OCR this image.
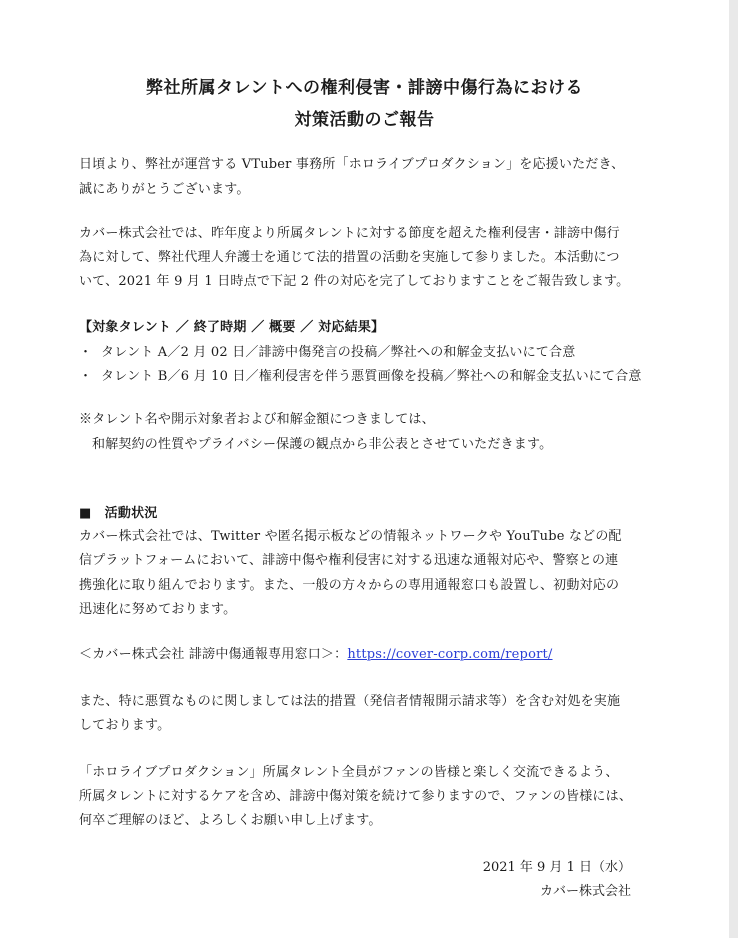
弊社所属タレントへの権利侵害・誹謗中傷行為における
対策活動のご報告
日頃より、弊社が運営する VTuber 事務所「ホロライブプロダクション」を応援いただき、
誠にありがとうございます。
カバー株式会社では、昨年度より所属タレントに対する節度を超えた権利侵害・誹謗中傷行
為に対して、弊社代理人弁護士を通じて法的措置の活動を実施して参りました。本活動につ
いて、2021 年 9 月 1 日時点で下記 2 件の対応を完了しておりますことをご報告致します。
【対象タレント ／ 終了時期 ／ 概要 ／ 対応結果】
・ タレント A／2 月 02 日／誹謗中傷発言の投稿／弊社への和解金支払いにて合意
・ タレント B／6 月 10 日／権利侵害を伴う悪質画像を投稿／弊社への和解金支払いにて合意
※タレント名や開示対象者および和解金額につきましては、
和解契約の性質やプライバシー保護の観点から非公表とさせていただきます。
■　活動状況
カバー株式会社では、Twitter や匿名掲示板などの情報ネットワークや YouTube などの配
信プラットフォームにおいて、誹謗中傷や権利侵害に対する迅速な通報対応や、警察との連
携強化に取り組んでおります。また、一般の方々からの専用通報窓口も設置し、初動対応の
迅速化に努めております。
＜カバー株式会社 誹謗中傷通報専用窓口＞：https://cover-corp.com/report/
また、特に悪質なものに関しましては法的措置（発信者情報開示請求等）を含む対処を実施
しております。
「ホロライブプロダクション」所属タレント全員がファンの皆様と楽しく交流できるよう、
所属タレントに対するケアを含め、誹謗中傷対策を続けて参りますので、ファンの皆様には、
何卒ご理解のほど、よろしくお願い申し上げます。
2021 年 9 月 1 日（水）
カバー株式会社
